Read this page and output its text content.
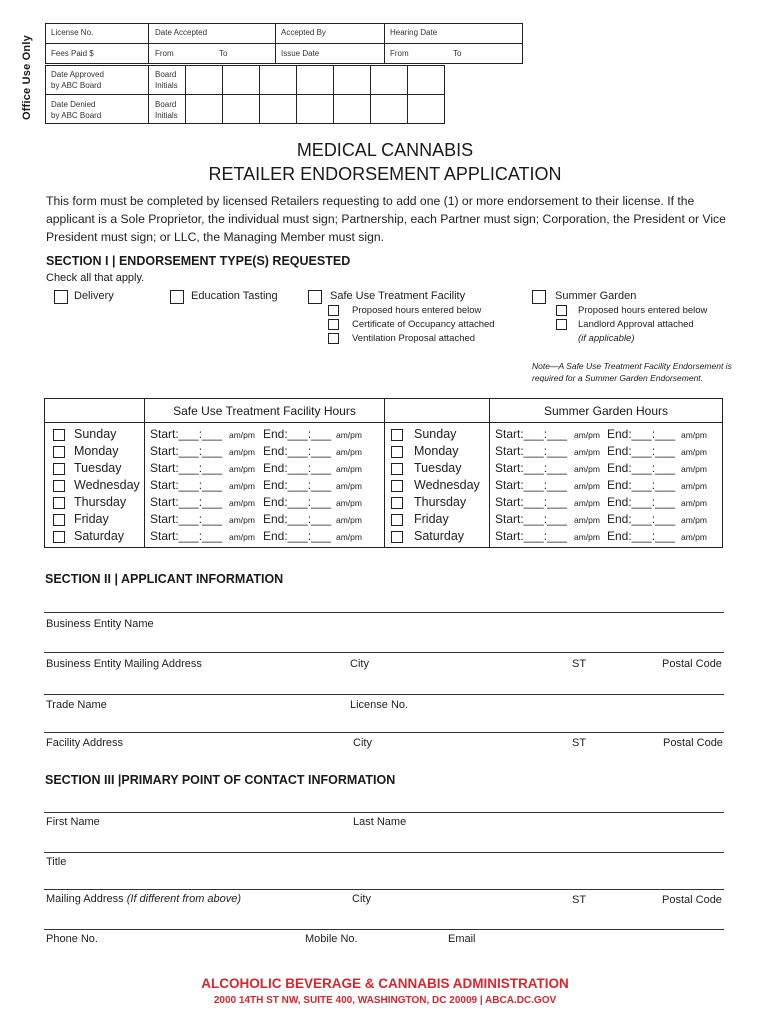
Office Use Only
License No.	Date Accepted	Accepted By	Hearing Date
Fees Paid $	From	To	Issue Date	From	To
Date Approved
by ABC Board
Board
Initials
Date Denied
by ABC Board
Board
Initials
MEDICAL CANNABIS
RETAILER ENDORSEMENT APPLICATION
This form must be completed by licensed Retailers requesting to add one (1) or more endorsement to their license. If the applicant is a Sole Proprietor, the individual must sign; Partnership, each Partner must sign; Corporation, the President or Vice President must sign; or LLC, the Managing Member must sign.
SECTION I | ENDORSEMENT TYPE(S) REQUESTED
Check all that apply.
Delivery	Education Tasting	Safe Use Treatment Facility
Proposed hours entered below
Certificate of Occupancy attached
Ventilation Proposal attached
Summer Garden
Proposed hours entered below
Landlord Approval attached
(if applicable)
Note—A Safe Use Treatment Facility Endorsement is required for a Summer Garden Endorsement.
Safe Use Treatment Facility Hours	Summer Garden Hours
Sunday	Start:___:___ am/pm End:___:___ am/pm
Monday	Start:___:___ am/pm End:___:___ am/pm
Tuesday Start:___:___ am/pm End:___:___ am/pm
Wednesday Start:___:___ am/pm End:___:___ am/pm
Thursday Start:___:___ am/pm End:___:___ am/pm
Friday	Start:___:___ am/pm End:___:___ am/pm
Saturday Start:___:___ am/pm End:___:___ am/pm
Sunday	Start:___:___ am/pm End:___:___ am/pm
Monday	Start:___:___ am/pm End:___:___ am/pm
Tuesday	Start:___:___ am/pm End:___:___ am/pm
Wednesday Start:___:___ am/pm End:___:___ am/pm
Thursday Start:___:___ am/pm End:___:___ am/pm
Friday	Start:___:___ am/pm End:___:___ am/pm
Saturday	Start:___:___ am/pm End:___:___ am/pm
SECTION II | APPLICANT INFORMATION
Business Entity Name
Business Entity Mailing Address	City	ST	Postal Code
Trade Name	License No.
Facility Address	City	ST	Postal Code
SECTION III |PRIMARY POINT OF CONTACT INFORMATION
First Name	Last Name
Title
Mailing Address (If different from above)	City	ST	Postal Code
Phone No.	Mobile No.	Email
ALCOHOLIC BEVERAGE & CANNABIS ADMINISTRATION
2000 14TH ST NW, SUITE 400, WASHINGTON, DC 20009 | ABCA.DC.GOV
